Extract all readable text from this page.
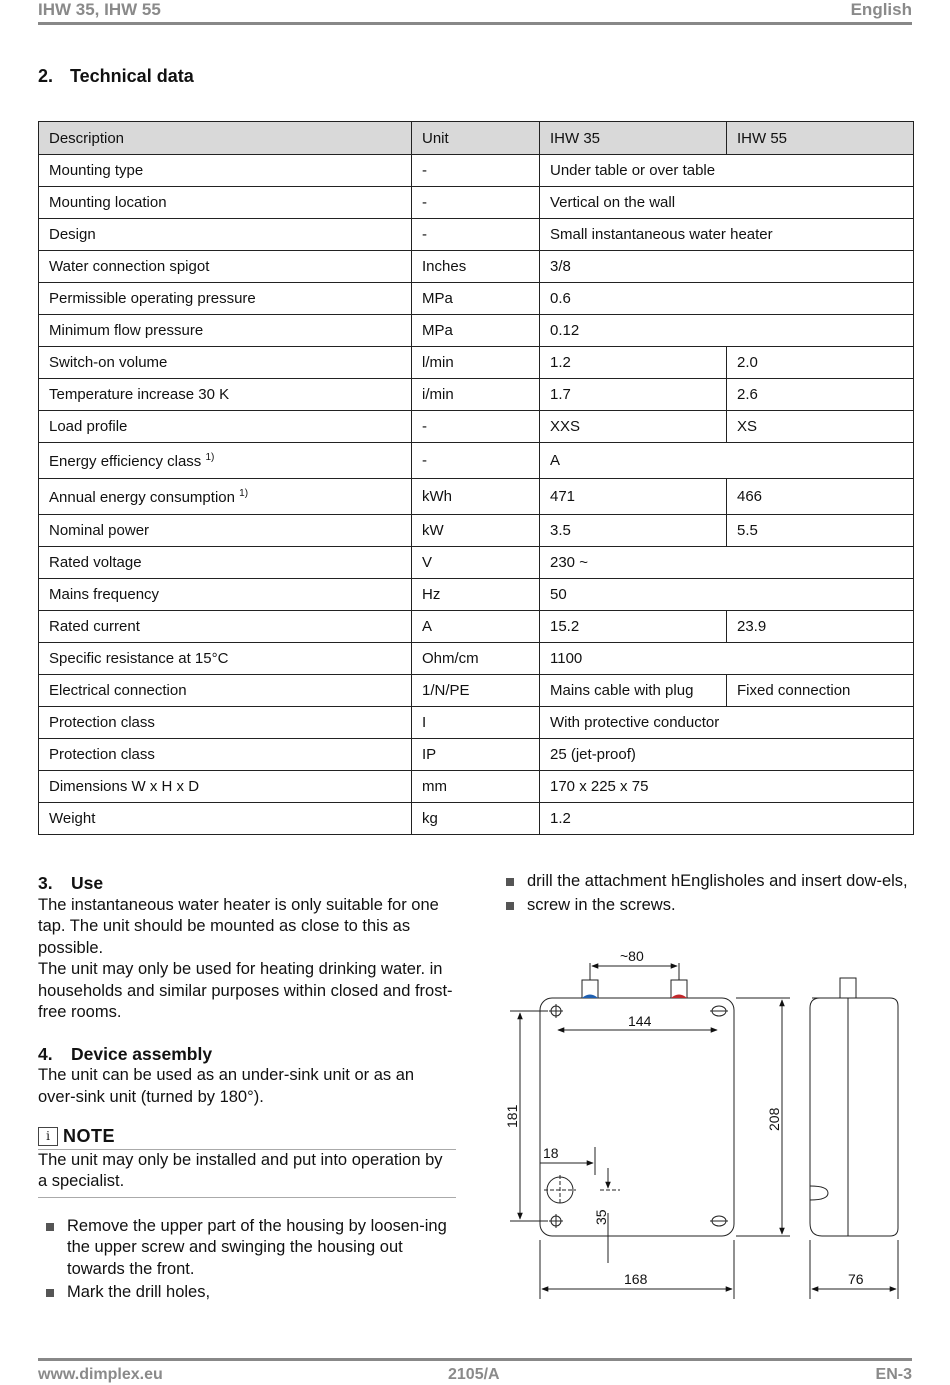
IHW 35, IHW 55	English
2. Technical data
Description	Unit	IHW 35	IHW 55
Mounting type	-	Under table or over table	
Mounting location	-	Vertical on the wall	
Design	-	Small instantaneous water heater	
Water connection spigot	Inches	3/8	
Permissible operating pressure	MPa	0.6	
Minimum flow pressure	MPa	0.12	
Switch-on volume	l/min	1.2	2.0
Temperature increase 30 K	i/min	1.7	2.6
Load profile	-	XXS	XS
Energy efficiency class $^{1)}$	-	A	
Annual energy consumption $^{1)}$	kWh	471	466
Nominal power	kW	3.5	5.5
Rated voltage	V	230 ~	
Mains frequency	Hz	50	
Rated current	A	15.2	23.9
Specific resistance at 15°C	Ohm/cm	1100	
Electrical connection	1/N/PE	Mains cable with plug	Fixed connection
Protection class	I	With protective conductor	
Protection class	IP	25 (jet-proof)	
Dimensions W x H x D	mm	170 x 225 x 75	
Weight	kg	1.2	
3. Use
The instantaneous water heater is only suitable for one tap. The unit should be mounted as close to this as possible.
The unit may only be used for heating drinking water. in households and similar purposes within closed and frost-free rooms.
4. Device assembly
The unit can be used as an under-sink unit or as an over-sink unit (turned by 180°).
i NOTE
The unit may only be installed and put into operation by a specialist.
Remove the upper part of the housing by loosen-ing the upper screw and swinging the housing out towards the front.
Mark the drill holes,
drill the attachment hEnglisholes and insert dow-els,
screw in the screws.
~80
144
181	208
18
35
168	76
www.dimplex.eu	2105/A	EN-3
